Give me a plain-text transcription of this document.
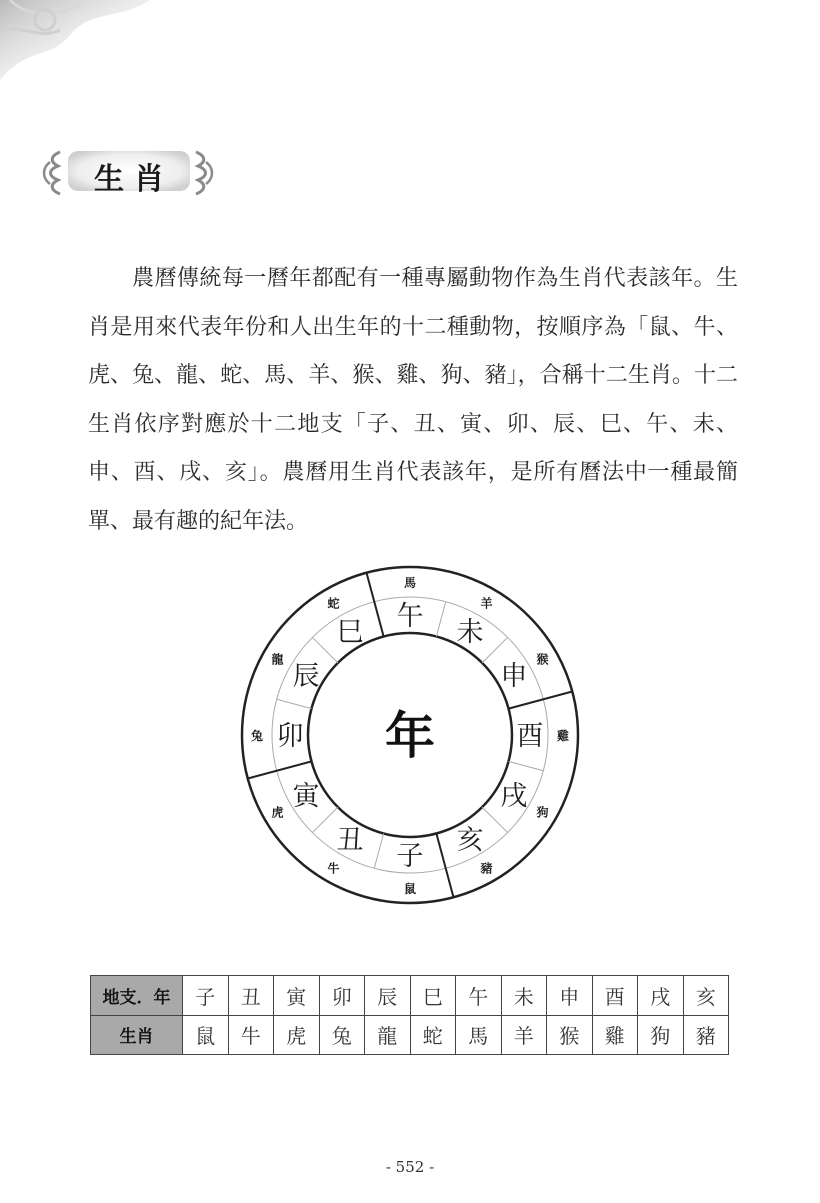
生肖

農曆傳統每一曆年都配有一種專屬動物作為生肖代表該年。生肖是用來代表年份和人出生年的十二種動物，按順序為「鼠、牛、虎、兔、龍、蛇、馬、羊、猴、雞、狗、豬」，合稱十二生肖。十二生肖依序對應於十二地支「子、丑、寅、卯、辰、巳、午、未、申、酉、戌、亥」。農曆用生肖代表該年，是所有曆法中一種最簡單、最有趣的紀年法。

子
丑
寅
卯
辰
巳
午
未
申
酉
戌
亥
鼠
牛
虎
兔
龍
蛇
馬
羊
猴
雞
狗
豬
年
地支．年	子	丑	寅	卯	辰	巳	午	未	申	酉	戌	亥
生肖	鼠	牛	虎	兔	龍	蛇	馬	羊	猴	雞	狗	豬
- 552 -
